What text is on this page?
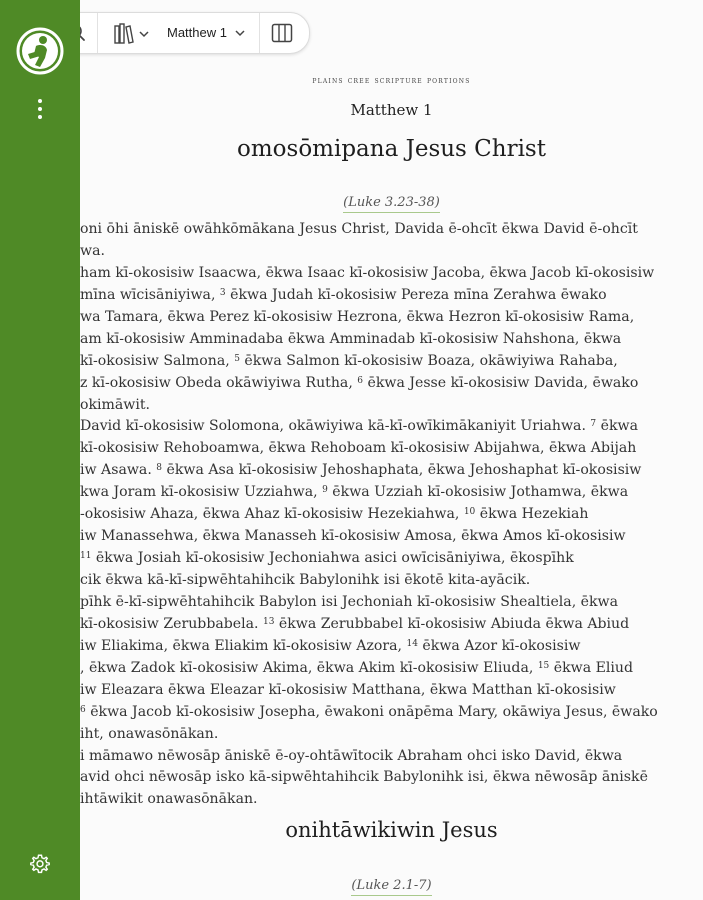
plains cree scripture portions
Matthew 1
omosōmipana Jesus Christ
(Luke 3.23-38)
oni ōhi āniskē owāhkōmākana Jesus Christ, Davida ē-ohcīt ēkwa David ē-ohcīt
wa.
ham kī-okosisiw Isaacwa, ēkwa Isaac kī-okosisiw Jacoba, ēkwa Jacob kī-okosisiw
mīna wīcisāniyiwa, $^3$ ēkwa Judah kī-okosisiw Pereza mīna Zerahwa ēwako
wa Tamara, ēkwa Perez kī-okosisiw Hezrona, ēkwa Hezron kī-okosisiw Rama,
am kī-okosisiw Amminadaba ēkwa Amminadab kī-okosisiw Nahshona, ēkwa
kī-okosisiw Salmona, $^5$ ēkwa Salmon kī-okosisiw Boaza, okāwiyiwa Rahaba,
z kī-okosisiw Obeda okāwiyiwa Rutha, $^6$ ēkwa Jesse kī-okosisiw Davida, ēwako
okimāwit.
David kī-okosisiw Solomona, okāwiyiwa kā-kī-owīkimākaniyit Uriahwa. $^7$ ēkwa
kī-okosisiw Rehoboamwa, ēkwa Rehoboam kī-okosisiw Abijahwa, ēkwa Abijah
iw Asawa. $^8$ ēkwa Asa kī-okosisiw Jehoshaphata, ēkwa Jehoshaphat kī-okosisiw
kwa Joram kī-okosisiw Uzziahwa, $^9$ ēkwa Uzziah kī-okosisiw Jothamwa, ēkwa
-okosisiw Ahaza, ēkwa Ahaz kī-okosisiw Hezekiahwa, $^{10}$ ēkwa Hezekiah
iw Manassehwa, ēkwa Manasseh kī-okosisiw Amosa, ēkwa Amos kī-okosisiw
$^{11}$ ēkwa Josiah kī-okosisiw Jechoniahwa asici owīcisāniyiwa, ēkospīhk
cik ēkwa kā-kī-sipwēhtahihcik Babylonihk isi ēkotē kita-ayācik.
pīhk ē-kī-sipwēhtahihcik Babylon isi Jechoniah kī-okosisiw Shealtiela, ēkwa
kī-okosisiw Zerubbabela. $^{13}$ ēkwa Zerubbabel kī-okosisiw Abiuda ēkwa Abiud
iw Eliakima, ēkwa Eliakim kī-okosisiw Azora, $^{14}$ ēkwa Azor kī-okosisiw
, ēkwa Zadok kī-okosisiw Akima, ēkwa Akim kī-okosisiw Eliuda, $^{15}$ ēkwa Eliud
iw Eleazara ēkwa Eleazar kī-okosisiw Matthana, ēkwa Matthan kī-okosisiw
$^6$ ēkwa Jacob kī-okosisiw Josepha, ēwakoni onāpēma Mary, okāwiya Jesus, ēwako
iht, onawasōnākan.
i māmawo nēwosāp āniskē ē-oy-ohtāwītocik Abraham ohci isko David, ēkwa
avid ohci nēwosāp isko kā-sipwēhtahihcik Babylonihk isi, ēkwa nēwosāp āniskē
ihtāwikit onawasōnākan.
onihtāwikiwin Jesus
(Luke 2.1-7)
Matthew 1
